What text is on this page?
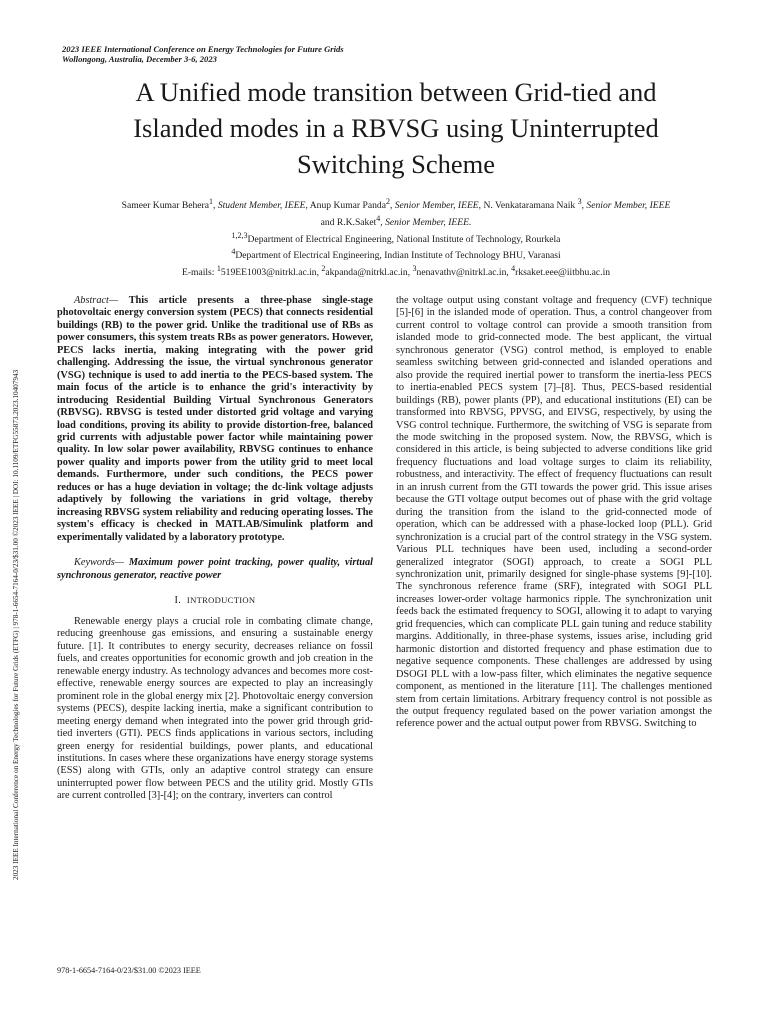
2023 IEEE International Conference on Energy Technologies for Future Grids
Wollongong, Australia, December 3-6, 2023
A Unified mode transition between Grid-tied and
Islanded modes in a RBVSG using Uninterrupted
Switching Scheme
Sameer Kumar Behera$^1$, Student Member, IEEE, Anup Kumar Panda$^2$, Senior Member, IEEE, N. Venkataramana Naik $^3$, Senior Member, IEEE
and R.K.Saket$^4$, Senior Member, IEEE.
$^{1,2,3}$Department of Electrical Engineering, National Institute of Technology, Rourkela
$^4$Department of Electrical Engineering, Indian Institute of Technology BHU, Varanasi
E-mails: $^1$519EE1003@nitrkl.ac.in, $^2$akpanda@nitrkl.ac.in, $^3$nenavathv@nitrkl.ac.in, $^4$rksaket.eee@iitbhu.ac.in
Abstract— This article presents a three-phase single-stage photovoltaic energy conversion system (PECS) that connects residential buildings (RB) to the power grid. Unlike the traditional use of RBs as power consumers, this system treats RBs as power generators. However, PECS lacks inertia, making integrating with the power grid challenging. Addressing the issue, the virtual synchronous generator (VSG) technique is used to add inertia to the PECS-based system. The main focus of the article is to enhance the grid's interactivity by introducing Residential Building Virtual Synchronous Generators (RBVSG). RBVSG is tested under distorted grid voltage and varying load conditions, proving its ability to provide distortion-free, balanced grid currents with adjustable power factor while maintaining power quality. In low solar power availability, RBVSG continues to enhance power quality and imports power from the utility grid to meet local demands. Furthermore, under such conditions, the PECS power reduces or has a huge deviation in voltage; the dc-link voltage adjusts adaptively by following the variations in grid voltage, thereby increasing RBVSG system reliability and reducing operating losses. The system's efficacy is checked in MATLAB/Simulink platform and experimentally validated by a laboratory prototype.
Keywords— Maximum power point tracking, power quality, virtual synchronous generator, reactive power
I. INTRODUCTION
Renewable energy plays a crucial role in combating climate change, reducing greenhouse gas emissions, and ensuring a sustainable energy future. [1]. It contributes to energy security, decreases reliance on fossil fuels, and creates opportunities for economic growth and job creation in the renewable energy industry. As technology advances and becomes more cost-effective, renewable energy sources are expected to play an increasingly prominent role in the global energy mix [2]. Photovoltaic energy conversion systems (PECS), despite lacking inertia, make a significant contribution to meeting energy demand when integrated into the power grid through grid-tied inverters (GTI). PECS finds applications in various sectors, including green energy for residential buildings, power plants, and educational institutions. In cases where these organizations have energy storage systems (ESS) along with GTIs, only an adaptive control strategy can ensure uninterrupted power flow between PECS and the utility grid. Mostly GTIs are current controlled [3]-[4]; on the contrary, inverters can control
the voltage output using constant voltage and frequency (CVF) technique [5]-[6] in the islanded mode of operation. Thus, a control changeover from current control to voltage control can provide a smooth transition from islanded mode to grid-connected mode. The best applicant, the virtual synchronous generator (VSG) control method, is employed to enable seamless switching between grid-connected and islanded operations and also provide the required inertial power to transform the inertia-less PECS to inertia-enabled PECS system [7]–[8]. Thus, PECS-based residential buildings (RB), power plants (PP), and educational institutions (EI) can be transformed into RBVSG, PPVSG, and EIVSG, respectively, by using the VSG control technique. Furthermore, the switching of VSG is separate from the mode switching in the proposed system. Now, the RBVSG, which is considered in this article, is being subjected to adverse conditions like grid frequency fluctuations and load voltage surges to claim its reliability, robustness, and interactivity. The effect of frequency fluctuations can result in an inrush current from the GTI towards the power grid. This issue arises because the GTI voltage output becomes out of phase with the grid voltage during the transition from the island to the grid-connected mode of operation, which can be addressed with a phase-locked loop (PLL). Grid synchronization is a crucial part of the control strategy in the VSG system. Various PLL techniques have been used, including a second-order generalized integrator (SOGI) approach, to create a SOGI PLL synchronization unit, primarily designed for single-phase systems [9]-[10]. The synchronous reference frame (SRF), integrated with SOGI PLL increases lower-order voltage harmonics ripple. The synchronization unit feeds back the estimated frequency to SOGI, allowing it to adapt to varying grid frequencies, which can complicate PLL gain tuning and reduce stability margins. Additionally, in three-phase systems, issues arise, including grid harmonic distortion and distorted frequency and phase estimation due to negative sequence components. These challenges are addressed by using DSOGI PLL with a low-pass filter, which eliminates the negative sequence component, as mentioned in the literature [11]. The challenges mentioned stem from certain limitations. Arbitrary frequency control is not possible as the output frequency regulated based on the power variation amongst the reference power and the actual output power from RBVSG. Switching to
2023 IEEE International Conference on Energy Technologies for Future Grids (ETFG) | 978-1-6654-7164-0/23/$31.00 ©2023 IEEE | DOI: 10.1109/ETFG55873.2023.10407943
978-1-6654-7164-0/23/$31.00 ©2023 IEEE
